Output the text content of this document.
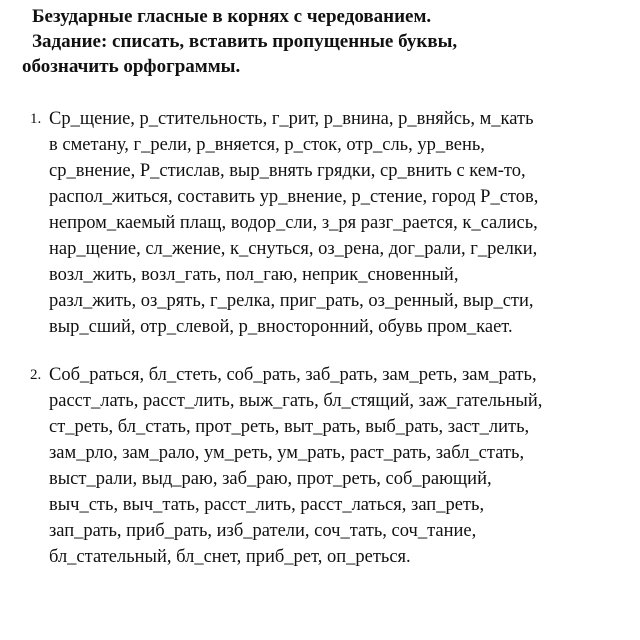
Безударные гласные в корнях с чередованием.
Задание: списать, вставить пропущенные буквы,
обозначить орфограммы.
1. Ср_щение, р_стительность, г_рит, р_внина, р_вняйсь, м_кать
в сметану, г_рели, р_вняется, р_сток, отр_сль, ур_вень,
ср_внение, Р_стислав, выр_внять грядки, ср_внить с кем-то,
распол_житься, составить ур_внение, р_стение, город Р_стов,
непром_каемый плащ, водор_сли, з_ря разг_рается, к_сались,
нар_щение, сл_жение, к_снуться, оз_рена, дог_рали, г_релки,
возл_жить, возл_гать, пол_гаю, неприк_сновенный,
разл_жить, оз_рять, г_релка, приг_рать, оз_ренный, выр_сти,
выр_сший, отр_слевой, р_вносторонний, обувь пром_кает.
2. Соб_раться, бл_стеть, соб_рать, заб_рать, зам_реть, зам_рать,
расст_лать, расст_лить, выж_гать, бл_стящий, заж_гательный,
ст_реть, бл_стать, прот_реть, выт_рать, выб_рать, заст_лить,
зам_рло, зам_рало, ум_реть, ум_рать, раст_рать, забл_стать,
выст_рали, выд_раю, заб_раю, прот_реть, соб_рающий,
выч_сть, выч_тать, расст_лить, расст_латься, зап_реть,
зап_рать, приб_рать, изб_ратели, соч_тать, соч_тание,
бл_стательный, бл_снет, приб_рет, оп_реться.
